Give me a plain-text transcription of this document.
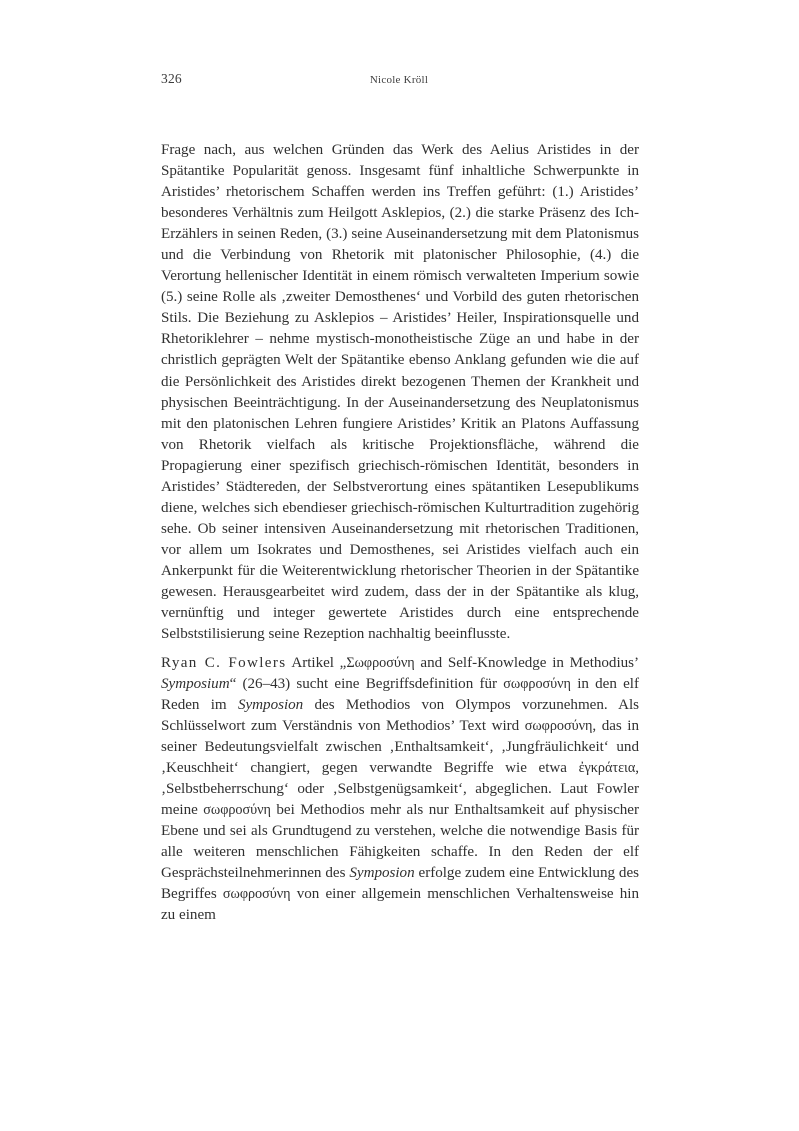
326	Nicole Kröll

Frage nach, aus welchen Gründen das Werk des Aelius Aristides in der Spätantike Popularität genoss. Insgesamt fünf inhaltliche Schwerpunkte in Aristides’ rhetorischem Schaffen werden ins Treffen geführt: (1.) Aristides’ besonderes Verhältnis zum Heilgott Asklepios, (2.) die starke Präsenz des Ich-Erzählers in seinen Reden, (3.) seine Auseinandersetzung mit dem Platonismus und die Verbindung von Rhetorik mit platonischer Philosophie, (4.) die Verortung hellenischer Identität in einem römisch verwalteten Imperium sowie (5.) seine Rolle als ‚zweiter Demosthenes‘ und Vorbild des guten rhetorischen Stils. Die Beziehung zu Asklepios – Aristides’ Heiler, Inspirationsquelle und Rhetoriklehrer – nehme mystisch-monotheistische Züge an und habe in der christlich geprägten Welt der Spätantike ebenso Anklang gefunden wie die auf die Persönlichkeit des Aristides direkt bezogenen Themen der Krankheit und physischen Beeinträchtigung. In der Auseinandersetzung des Neuplatonismus mit den platonischen Lehren fungiere Aristides’ Kritik an Platons Auffassung von Rhetorik vielfach als kritische Projektionsfläche, während die Propagierung einer spezifisch griechisch-römischen Identität, besonders in Aristides’ Städtereden, der Selbstverortung eines spätantiken Lesepublikums diene, welches sich ebendieser griechisch-römischen Kulturtradition zugehörig sehe. Ob seiner intensiven Auseinandersetzung mit rhetorischen Traditionen, vor allem um Isokrates und Demosthenes, sei Aristides vielfach auch ein Ankerpunkt für die Weiterentwicklung rhetorischer Theorien in der Spätantike gewesen. Herausgearbeitet wird zudem, dass der in der Spätantike als klug, vernünftig und integer gewertete Aristides durch eine entsprechende Selbststilisierung seine Rezeption nachhaltig beeinflusste.

Ryan C. Fowlers Artikel „Σωφροσύνη and Self-Knowledge in Methodius’ Symposium“ (26–43) sucht eine Begriffsdefinition für σωφροσύνη in den elf Reden im Symposion des Methodios von Olympos vorzunehmen. Als Schlüsselwort zum Verständnis von Methodios’ Text wird σωφροσύνη, das in seiner Bedeutungsvielfalt zwischen ‚Enthaltsamkeit‘, ‚Jungfräulichkeit‘ und ‚Keuschheit‘ changiert, gegen verwandte Begriffe wie etwa ἐγκράτεια, ‚Selbstbeherrschung‘ oder ‚Selbstgenügsamkeit‘, abgeglichen. Laut Fowler meine σωφροσύνη bei Methodios mehr als nur Enthaltsamkeit auf physischer Ebene und sei als Grundtugend zu verstehen, welche die notwendige Basis für alle weiteren menschlichen Fähigkeiten schaffe. In den Reden der elf Gesprächsteilnehmerinnen des Symposion erfolge zudem eine Entwicklung des Begriffes σωφροσύνη von einer allgemein menschlichen Verhaltensweise hin zu einem
